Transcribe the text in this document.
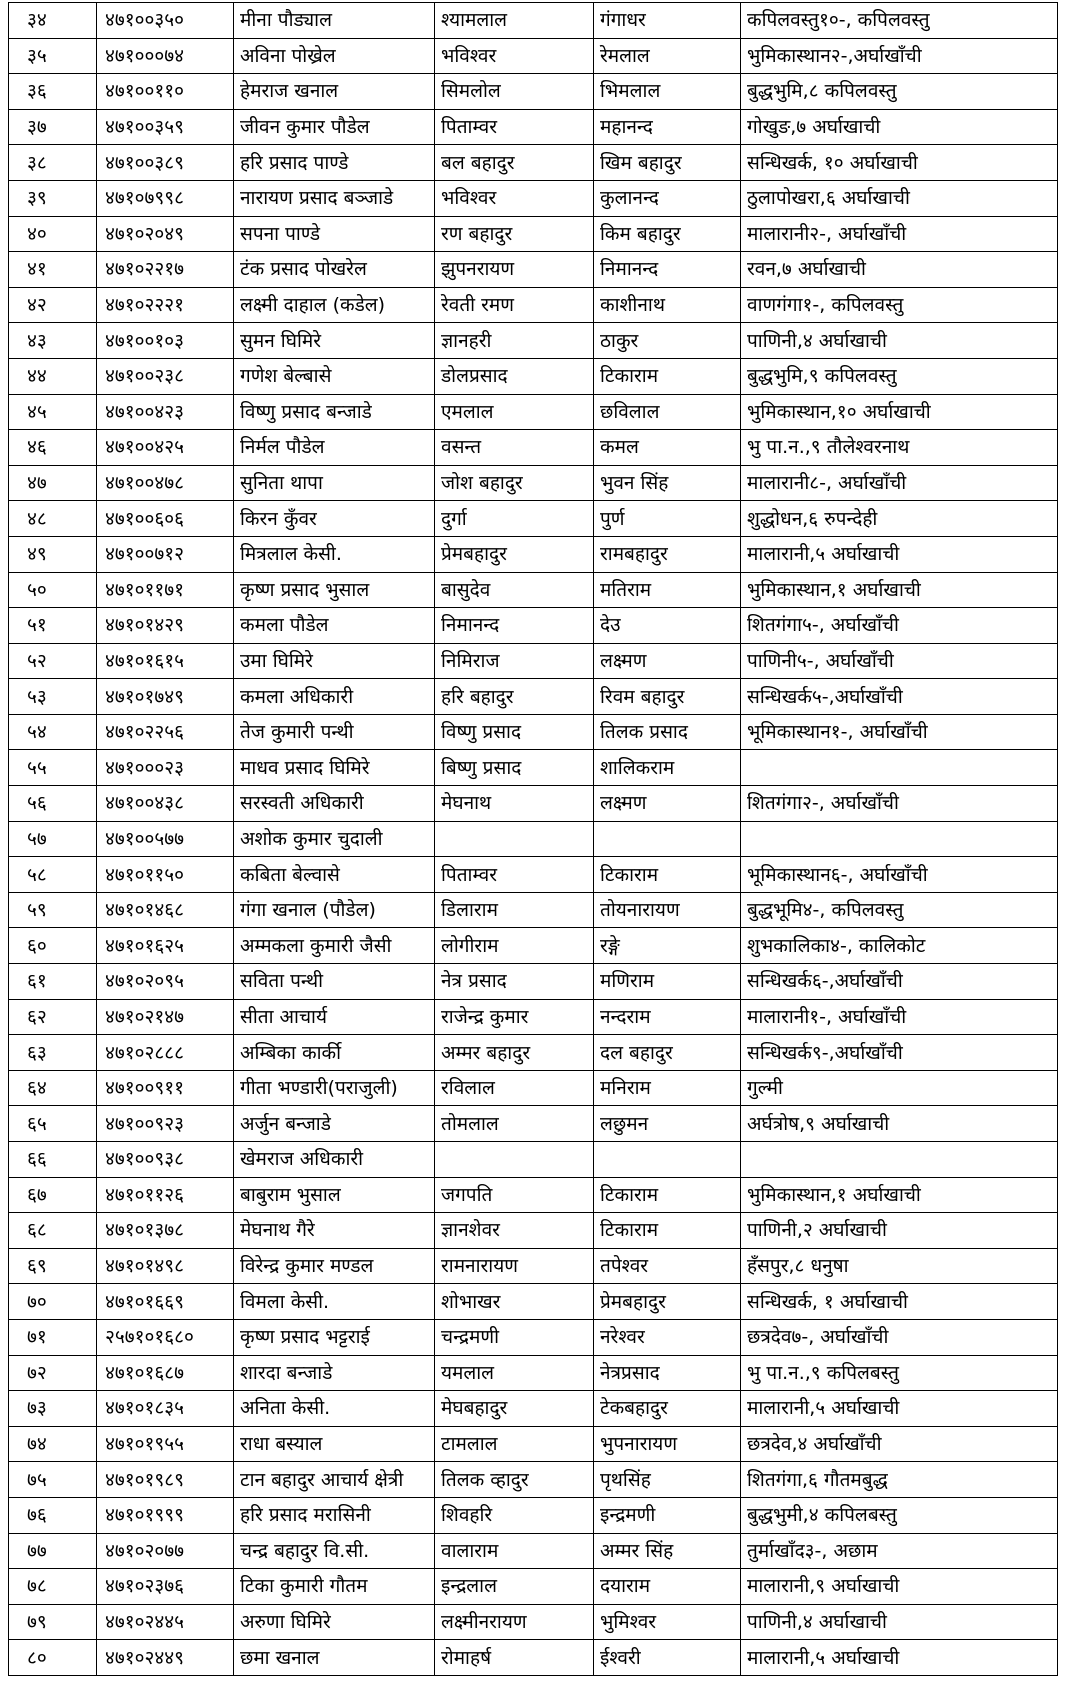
३४	४७१००३५०	मीना पौड्याल	श्यामलाल	गंगाधर	कपिलवस्तु१०-, कपिलवस्तु
३५	४७१०००७४	अविना पोख्रेल	भविश्वर	रेमलाल	भुमिकास्थान२-,अर्घाखाँची
३६	४७१००११०	हेमराज खनाल	सिमलोल	भिमलाल	बुद्धभुमि,८ कपिलवस्तु
३७	४७१००३५९	जीवन कुमार पौडेल	पिताम्वर	महानन्द	गोखुङ,७ अर्घाखाची
३८	४७१००३८९	हरि प्रसाद पाण्डे	बल बहादुर	खिम बहादुर	सन्धिखर्क, १० अर्घाखाची
३९	४७१०७९९८	नारायण प्रसाद बञ्जाडे	भविश्वर	कुलानन्द	ठुलापोखरा,६ अर्घाखाची
४०	४७१०२०४९	सपना पाण्डे	रण बहादुर	किम बहादुर	मालारानी२-, अर्घाखाँची
४१	४७१०२२१७	टंक प्रसाद पोखरेल	झुपनरायण	निमानन्द	रवन,७ अर्घाखाची
४२	४७१०२२२१	लक्ष्मी दाहाल (कडेल)	रेवती रमण	काशीनाथ	वाणगंगा१-, कपिलवस्तु
४३	४७१००१०३	सुमन घिमिरे	ज्ञानहरी	ठाकुर	पाणिनी,४ अर्घाखाची
४४	४७१००२३८	गणेश बेल्बासे	डोलप्रसाद	टिकाराम	बुद्धभुमि,९ कपिलवस्तु
४५	४७१००४२३	विष्णु प्रसाद बन्जाडे	एमलाल	छविलाल	भुमिकास्थान,१० अर्घाखाची
४६	४७१००४२५	निर्मल पौडेल	वसन्त	कमल	भु पा.न.,९ तौलेश्वरनाथ
४७	४७१००४७८	सुनिता थापा	जोश बहादुर	भुवन सिंह	मालारानी८-, अर्घाखाँची
४८	४७१००६०६	किरन कुँवर	दुर्गा	पुर्ण	शुद्धोधन,६ रुपन्देही
४९	४७१००७१२	मित्रलाल केसी.	प्रेमबहादुर	रामबहादुर	मालारानी,५ अर्घाखाची
५०	४७१०११७१	कृष्ण प्रसाद भुसाल	बासुदेव	मतिराम	भुमिकास्थान,१ अर्घाखाची
५१	४७१०१४२९	कमला पौडेल	निमानन्द	देउ	शितगंगा५-, अर्घाखाँची
५२	४७१०१६१५	उमा घिमिरे	निमिराज	लक्ष्मण	पाणिनी५-, अर्घाखाँची
५३	४७१०१७४९	कमला अधिकारी	हरि बहादुर	रिवम बहादुर	सन्धिखर्क५-,अर्घाखाँची
५४	४७१०२२५६	तेज कुमारी पन्थी	विष्णु प्रसाद	तिलक प्रसाद	भूमिकास्थान१-, अर्घाखाँची
५५	४७१०००२३	माधव प्रसाद घिमिरे	बिष्णु प्रसाद	शालिकराम	
५६	४७१००४३८	सरस्वती अधिकारी	मेघनाथ	लक्ष्मण	शितगंगा२-, अर्घाखाँची
५७	४७१००५७७	अशोक कुमार चुदाली			
५८	४७१०११५०	कबिता बेल्वासे	पिताम्वर	टिकाराम	भूमिकास्थान६-, अर्घाखाँची
५९	४७१०१४६८	गंगा खनाल (पौडेल)	डिलाराम	तोयनारायण	बुद्धभूमि४-, कपिलवस्तु
६०	४७१०१६२५	अम्मकला कुमारी जैसी	लोगीराम	रङ्गे	शुभकालिका४-, कालिकोट
६१	४७१०२०९५	सविता पन्थी	नेत्र प्रसाद	मणिराम	सन्धिखर्क६-,अर्घाखाँची
६२	४७१०२१४७	सीता आचार्य	राजेन्द्र कुमार	नन्दराम	मालारानी१-, अर्घाखाँची
६३	४७१०२८८८	अम्बिका कार्की	अम्मर बहादुर	दल बहादुर	सन्धिखर्क९-,अर्घाखाँची
६४	४७१००९११	गीता भण्डारी(पराजुली)	रविलाल	मनिराम	गुल्मी
६५	४७१००९२३	अर्जुन बन्जाडे	तोमलाल	लछुमन	अर्घत्रोष,९ अर्घाखाची
६६	४७१००९३८	खेमराज अधिकारी			
६७	४७१०११२६	बाबुराम भुसाल	जगपति	टिकाराम	भुमिकास्थान,१ अर्घाखाची
६८	४७१०१३७८	मेघनाथ गैरे	ज्ञानशेवर	टिकाराम	पाणिनी,२ अर्घाखाची
६९	४७१०१४९८	विरेन्द्र कुमार मण्डल	रामनारायण	तपेश्वर	हँसपुर,८ धनुषा
७०	४७१०१६६९	विमला केसी.	शोभाखर	प्रेमबहादुर	सन्धिखर्क, १ अर्घाखाची
७१	२५७१०१६८०	कृष्ण प्रसाद भट्टराई	चन्द्रमणी	नरेश्वर	छत्रदेव७-, अर्घाखाँची
७२	४७१०१६८७	शारदा बन्जाडे	यमलाल	नेत्रप्रसाद	भु पा.न.,९ कपिलबस्तु
७३	४७१०१८३५	अनिता केसी.	मेघबहादुर	टेकबहादुर	मालारानी,५ अर्घाखाची
७४	४७१०१९५५	राधा बस्याल	टामलाल	भुपनारायण	छत्रदेव,४ अर्घाखाँची
७५	४७१०१९८९	टान बहादुर आचार्य क्षेत्री	तिलक व्हादुर	पृथसिंह	शितगंगा,६ गौतमबुद्ध
७६	४७१०१९९९	हरि प्रसाद मरासिनी	शिवहरि	इन्द्रमणी	बुद्धभुमी,४ कपिलबस्तु
७७	४७१०२०७७	चन्द्र बहादुर वि.सी.	वालाराम	अम्मर सिंह	तुर्माखाँद३-, अछाम
७८	४७१०२३७६	टिका कुमारी गौतम	इन्द्रलाल	दयाराम	मालारानी,९ अर्घाखाची
७९	४७१०२४४५	अरुणा घिमिरे	लक्ष्मीनरायण	भुमिश्वर	पाणिनी,४ अर्घाखाची
८०	४७१०२४४९	छमा खनाल	रोमाहर्ष	ईश्वरी	मालारानी,५ अर्घाखाची
